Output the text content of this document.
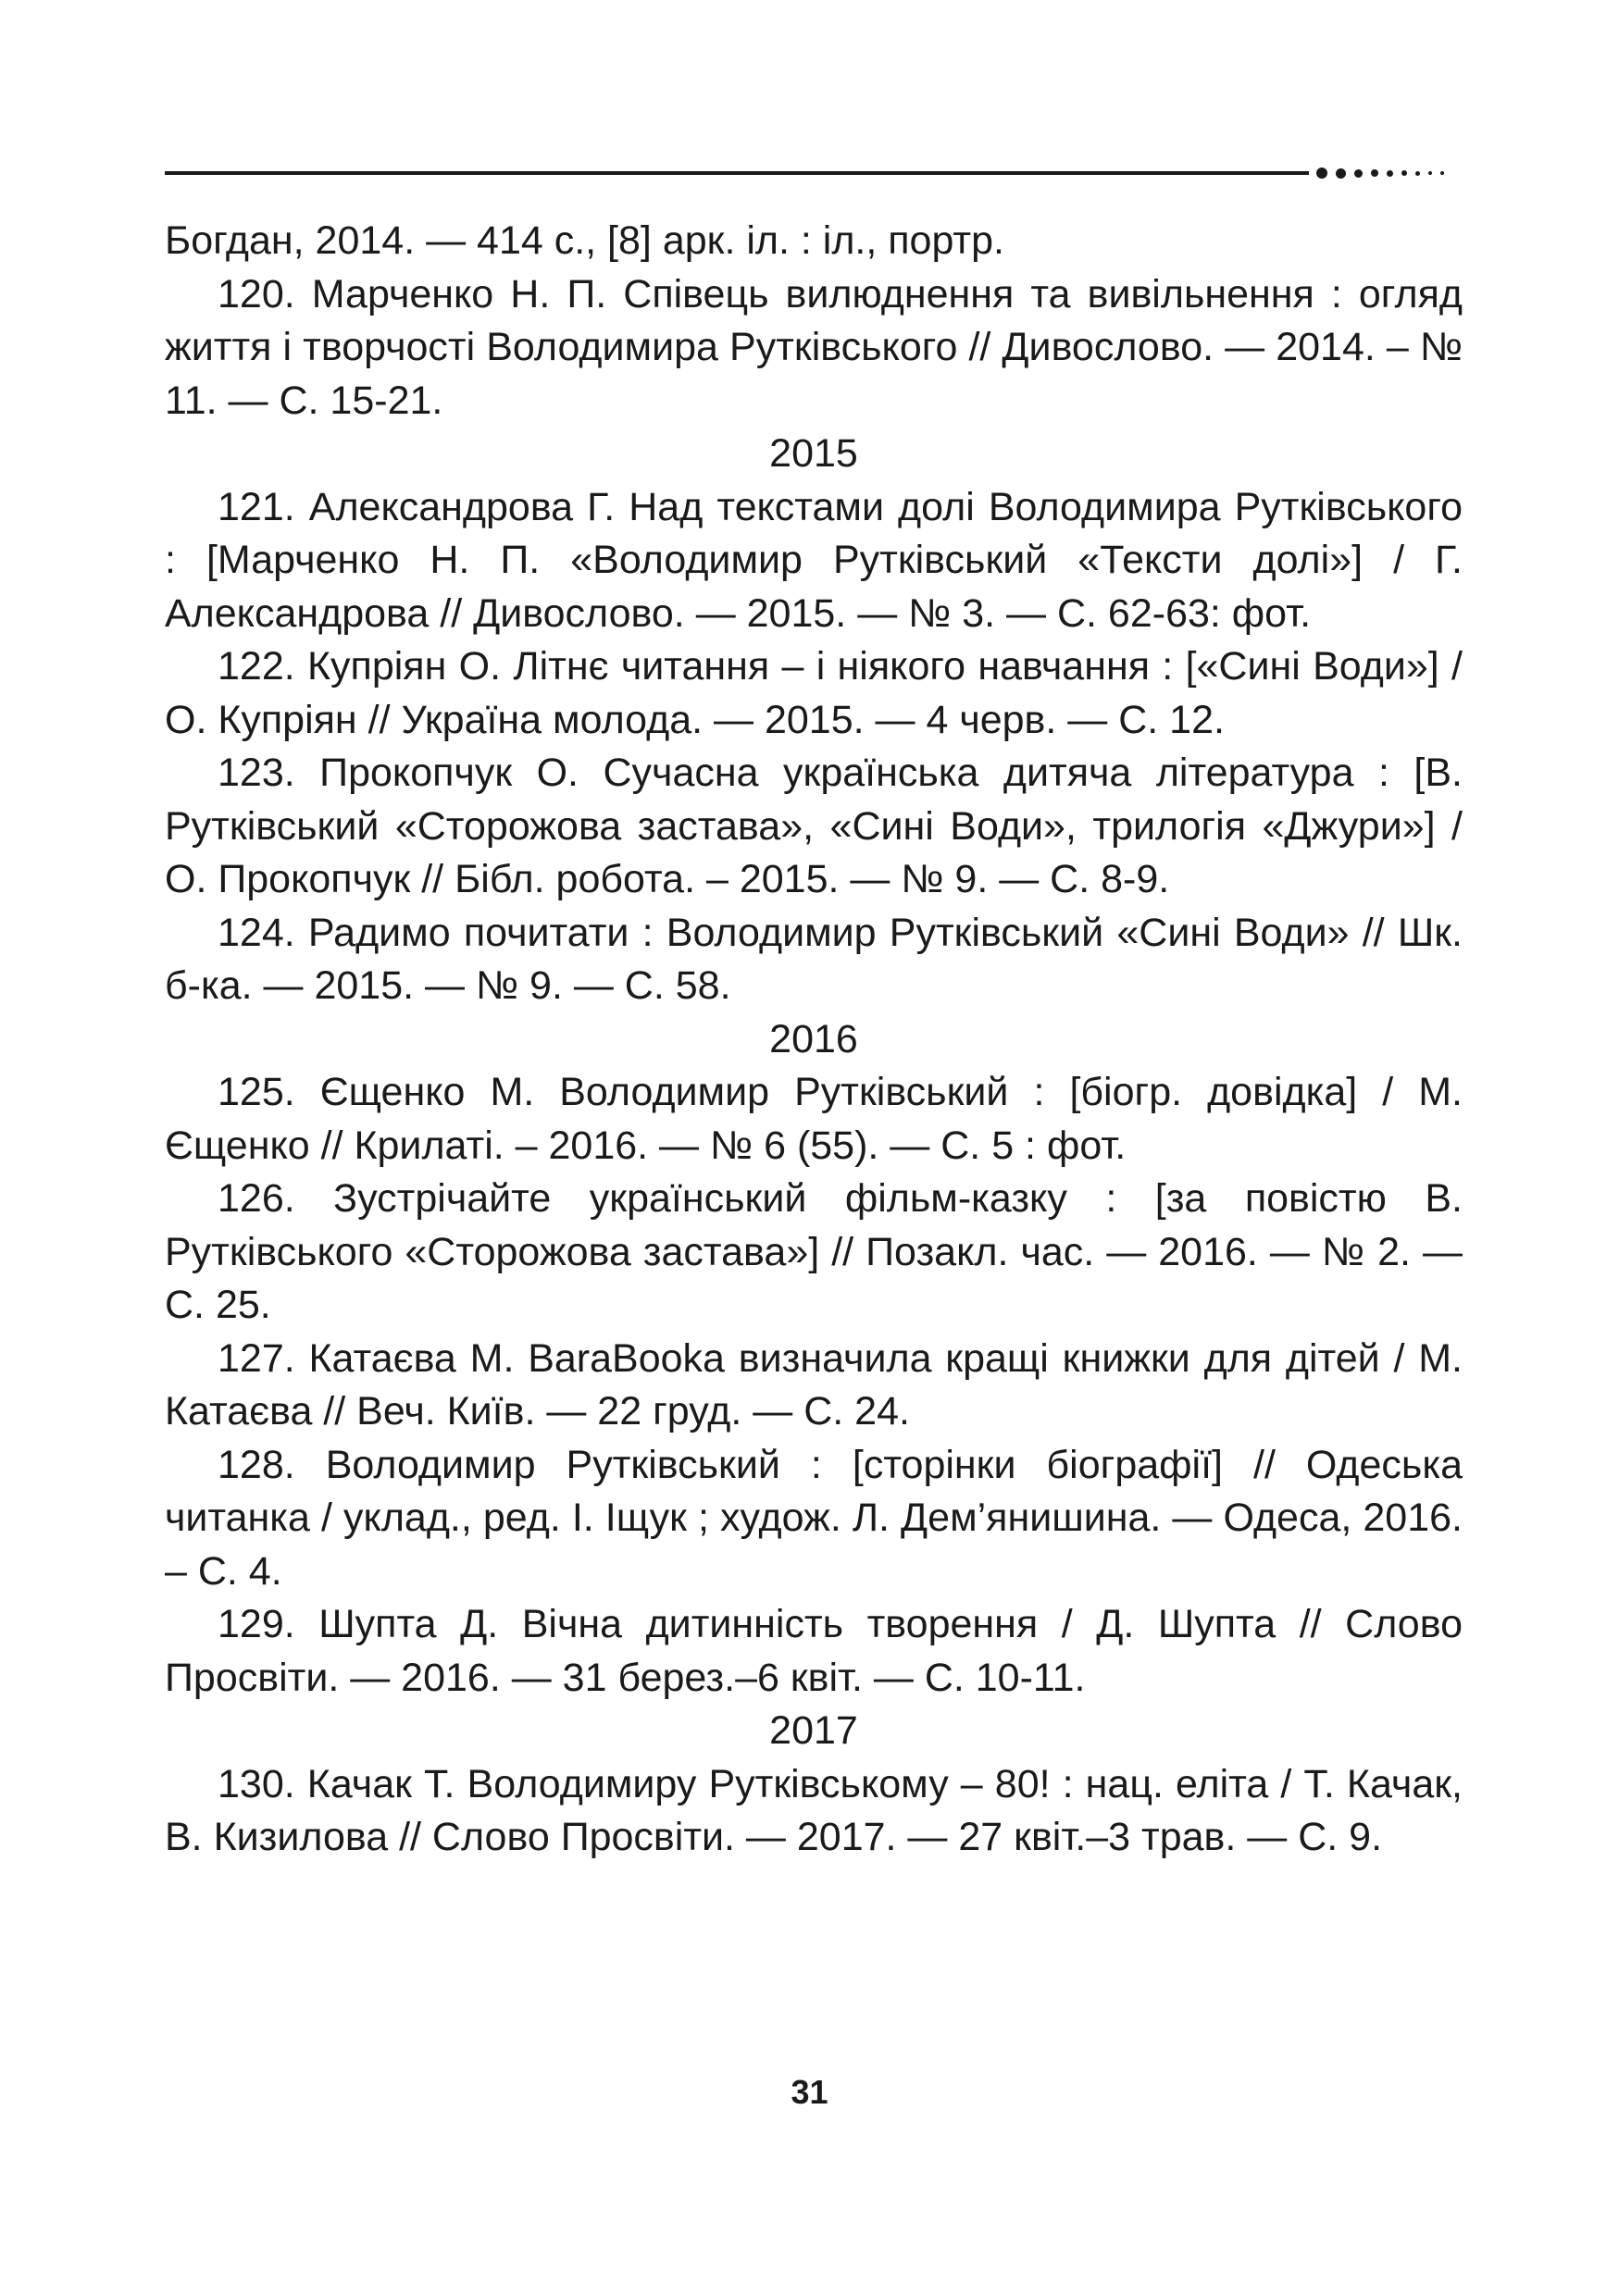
Богдан, 2014. — 414 с., [8] арк. іл. : іл., портр.

120. Марченко Н. П. Співець вилюднення та вивільнення : огляд життя і творчості Володимира Рутківського // Дивослово. — 2014. – № 11. — С. 15-21.

2015

121. Александрова Г. Над текстами долі Володимира Рутківського : [Марченко Н. П. «Володимир Рутківський «Тексти долі»] / Г. Александрова // Дивослово. — 2015. — № 3. — С. 62-63: фот.

122. Купріян О. Літнє читання – і ніякого навчання : [«Сині Води»] / О. Купріян // Україна молода. — 2015. — 4 черв. — С. 12.

123. Прокопчук О. Сучасна українська дитяча література : [В. Рутківський «Сторожова застава», «Сині Води», трилогія «Джури»] / О. Прокопчук // Бібл. робота. – 2015. — № 9. — С. 8-9.

124. Радимо почитати : Володимир Рутківський «Сині Води» // Шк. б-ка. — 2015. — № 9. — С. 58.

2016

125. Єщенко М. Володимир Рутківський : [біогр. довідка] / М. Єщенко // Крилаті. – 2016. — № 6 (55). — С. 5 : фот.

126. Зустрічайте український фільм-казку : [за повістю В. Рутківського «Сторожова застава»] // Позакл. час. — 2016. — № 2. — С. 25.

127. Катаєва М. BaraBooka визначила кращі книжки для дітей / М. Катаєва // Веч. Київ. — 22 груд. — С. 24.

128. Володимир Рутківський : [сторінки біографії] // Одеська читанка / уклад., ред. І. Іщук ; худож. Л. Дем’янишина. — Одеса, 2016. – С. 4.

129. Шупта Д. Вічна дитинність творення / Д. Шупта // Слово Просвіти. — 2016. — 31 берез.–6 квіт. — С. 10-11.

2017

130. Качак Т. Володимиру Рутківському – 80! : нац. еліта / Т. Качак, В. Кизилова // Слово Просвіти. — 2017. — 27 квіт.–3 трав. — С. 9.

31
